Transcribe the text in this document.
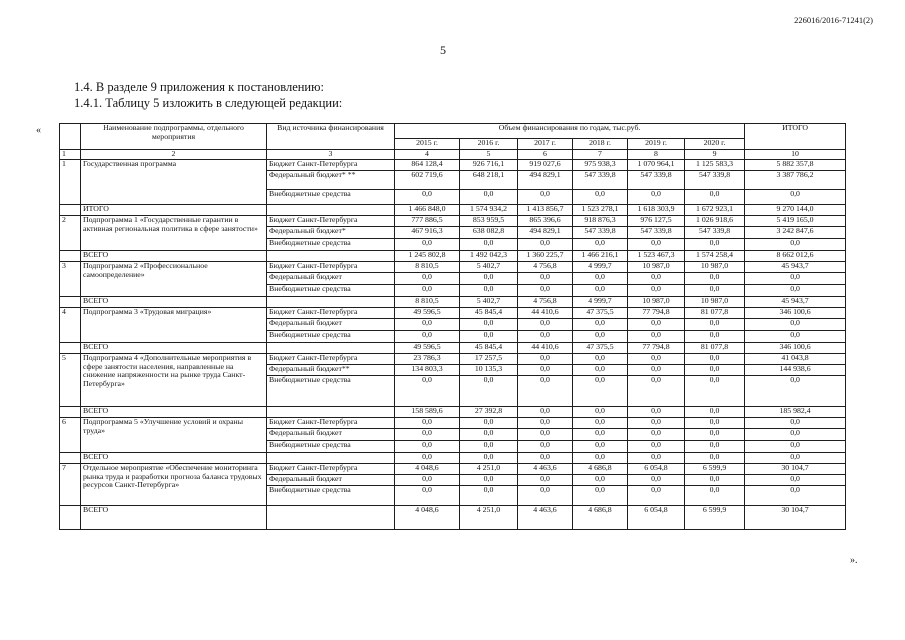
226016/2016-71241(2)
5
1.4. В разделе 9 приложения к постановлению:
1.4.1. Таблицу 5 изложить в следующей редакции:
«
».
	Наименование подпрограммы, отдельного мероприятия	Вид источника финансирования	Объем финансирования по годам, тыс.руб.						ИТОГО
			2015 г.	2016 г.	2017 г.	2018 г.	2019 г.	2020 г.	
1	2	3	4	5	6	7	8	9	10
1	Государственная программа	Бюджет Санкт-Петербурга	864 128,4	926 716,1	919 027,6	975 938,3	1 070 964,1	1 125 583,3	5 882 357,8
		Федеральный бюджет* **	602 719,6	648 218,1	494 829,1	547 339,8	547 339,8	547 339,8	3 387 786,2
		Внебюджетные средства	0,0	0,0	0,0	0,0	0,0	0,0	0,0
	ИТОГО		1 466 848,0	1 574 934,2	1 413 856,7	1 523 278,1	1 618 303,9	1 672 923,1	9 270 144,0
2	Подпрограмма 1 «Государственные гарантии в активная региональная политика в сфере занятости»	Бюджет Санкт-Петербурга	777 886,5	853 959,5	865 396,6	918 876,3	976 127,5	1 026 918,6	5 419 165,0
		Федеральный бюджет*	467 916,3	638 082,8	494 829,1	547 339,8	547 339,8	547 339,8	3 242 847,6
		Внебюджетные средства	0,0	0,0	0,0	0,0	0,0	0,0	0,0
	ВСЕГО		1 245 802,8	1 492 042,3	1 360 225,7	1 466 216,1	1 523 467,3	1 574 258,4	8 662 012,6
3	Подпрограмма 2 «Профессиональное самоопределение»	Бюджет Санкт-Петербурга	8 810,5	5 402,7	4 756,8	4 999,7	10 987,0	10 987,0	45 943,7
		Федеральный бюджет	0,0	0,0	0,0	0,0	0,0	0,0	0,0
		Внебюджетные средства	0,0	0,0	0,0	0,0	0,0	0,0	0,0
	ВСЕГО		8 810,5	5 402,7	4 756,8	4 999,7	10 987,0	10 987,0	45 943,7
4	Подпрограмма 3 «Трудовая миграция»	Бюджет Санкт-Петербурга	49 596,5	45 845,4	44 410,6	47 375,5	77 794,8	81 077,8	346 100,6
		Федеральный бюджет	0,0	0,0	0,0	0,0	0,0	0,0	0,0
		Внебюджетные средства	0,0	0,0	0,0	0,0	0,0	0,0	0,0
	ВСЕГО		49 596,5	45 845,4	44 410,6	47 375,5	77 794,8	81 077,8	346 100,6
5	Подпрограмма 4 «Дополнительные мероприятия в сфере занятости населения, направленные на снижение напряженности на рынке труда Санкт-Петербурга»	Бюджет Санкт-Петербурга	23 786,3	17 257,5	0,0	0,0	0,0	0,0	41 043,8
		Федеральный бюджет**	134 803,3	10 135,3	0,0	0,0	0,0	0,0	144 938,6
		Внебюджетные средства	0,0	0,0	0,0	0,0	0,0	0,0	0,0
	ВСЕГО		158 589,6	27 392,8	0,0	0,0	0,0	0,0	185 982,4
6	Подпрограмма 5 «Улучшение условий и охраны труда»	Бюджет Санкт-Петербурга	0,0	0,0	0,0	0,0	0,0	0,0	0,0
		Федеральный бюджет	0,0	0,0	0,0	0,0	0,0	0,0	0,0
		Внебюджетные средства	0,0	0,0	0,0	0,0	0,0	0,0	0,0
	ВСЕГО		0,0	0,0	0,0	0,0	0,0	0,0	0,0
7	Отдельное мероприятие «Обеспечение мониторинга рынка труда и разработки прогноза баланса трудовых ресурсов Санкт-Петербурга»	Бюджет Санкт-Петербурга	4 048,6	4 251,0	4 463,6	4 686,8	6 054,8	6 599,9	30 104,7
		Федеральный бюджет	0,0	0,0	0,0	0,0	0,0	0,0	0,0
		Внебюджетные средства	0,0	0,0	0,0	0,0	0,0	0,0	0,0
	ВСЕГО		4 048,6	4 251,0	4 463,6	4 686,8	6 054,8	6 599,9	30 104,7
